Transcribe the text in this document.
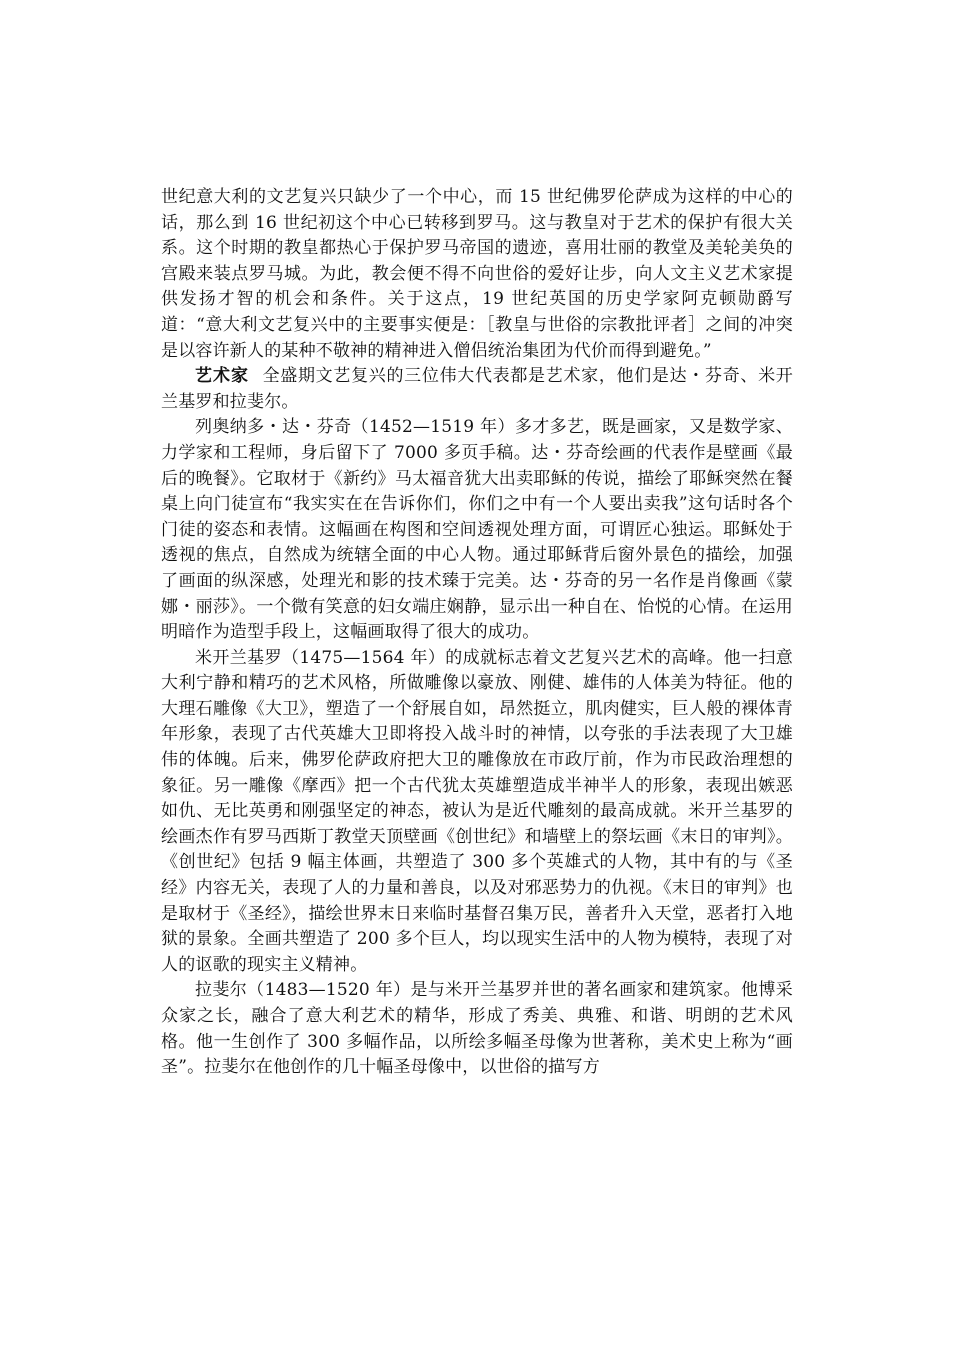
世纪意大利的文艺复兴只缺少了一个中心，而 15 世纪佛罗伦萨成为这样的中心的话，那么到 16 世纪初这个中心已转移到罗马。这与教皇对于艺术的保护有很大关系。这个时期的教皇都热心于保护罗马帝国的遗迹，喜用壮丽的教堂及美轮美奂的宫殿来装点罗马城。为此，教会便不得不向世俗的爱好让步，向人文主义艺术家提供发扬才智的机会和条件。关于这点，19 世纪英国的历史学家阿克顿勋爵写道：“意大利文艺复兴中的主要事实便是：［教皇与世俗的宗教批评者］之间的冲突是以容许新人的某种不敬神的精神进入僧侣统治集团为代价而得到避免。”

艺术家 全盛期文艺复兴的三位伟大代表都是艺术家，他们是达・芬奇、米开兰基罗和拉斐尔。

列奥纳多・达・芬奇（1452—1519 年）多才多艺，既是画家，又是数学家、力学家和工程师，身后留下了 7000 多页手稿。达・芬奇绘画的代表作是壁画《最后的晚餐》。它取材于《新约》马太福音犹大出卖耶稣的传说，描绘了耶稣突然在餐桌上向门徒宣布“我实实在在告诉你们，你们之中有一个人要出卖我”这句话时各个门徒的姿态和表情。这幅画在构图和空间透视处理方面，可谓匠心独运。耶稣处于透视的焦点，自然成为统辖全面的中心人物。通过耶稣背后窗外景色的描绘，加强了画面的纵深感，处理光和影的技术臻于完美。达・芬奇的另一名作是肖像画《蒙娜・丽莎》。一个微有笑意的妇女端庄娴静，显示出一种自在、怡悦的心情。在运用明暗作为造型手段上，这幅画取得了很大的成功。

米开兰基罗（1475—1564 年）的成就标志着文艺复兴艺术的高峰。他一扫意大利宁静和精巧的艺术风格，所做雕像以豪放、刚健、雄伟的人体美为特征。他的大理石雕像《大卫》，塑造了一个舒展自如，昂然挺立，肌肉健实，巨人般的裸体青年形象，表现了古代英雄大卫即将投入战斗时的神情，以夸张的手法表现了大卫雄伟的体魄。后来，佛罗伦萨政府把大卫的雕像放在市政厅前，作为市民政治理想的象征。另一雕像《摩西》把一个古代犹太英雄塑造成半神半人的形象，表现出嫉恶如仇、无比英勇和刚强坚定的神态，被认为是近代雕刻的最高成就。米开兰基罗的绘画杰作有罗马西斯丁教堂天顶壁画《创世纪》和墙壁上的祭坛画《末日的审判》。《创世纪》包括 9 幅主体画，共塑造了 300 多个英雄式的人物，其中有的与《圣经》内容无关，表现了人的力量和善良，以及对邪恶势力的仇视。《末日的审判》也是取材于《圣经》，描绘世界末日来临时基督召集万民，善者升入天堂，恶者打入地狱的景象。全画共塑造了 200 多个巨人，均以现实生活中的人物为模特，表现了对人的讴歌的现实主义精神。

拉斐尔（1483—1520 年）是与米开兰基罗并世的著名画家和建筑家。他博采众家之长，融合了意大利艺术的精华，形成了秀美、典雅、和谐、明朗的艺术风格。他一生创作了 300 多幅作品，以所绘多幅圣母像为世著称，美术史上称为“画圣”。拉斐尔在他创作的几十幅圣母像中，以世俗的描写方
